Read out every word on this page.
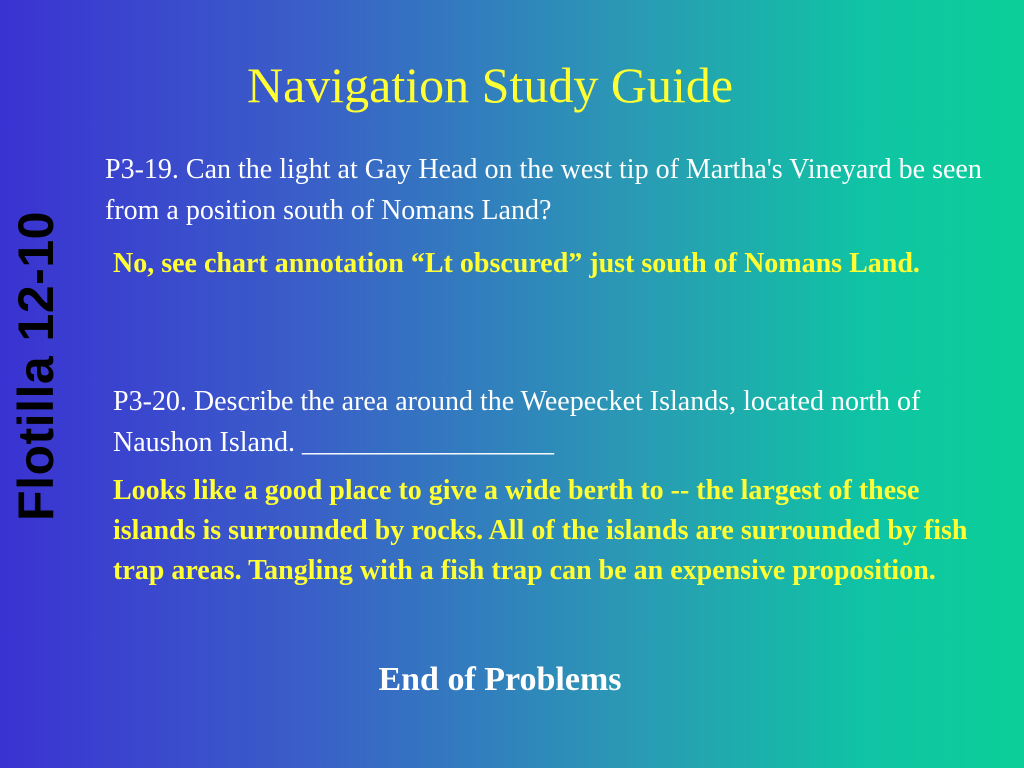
Flotilla 12-10
Navigation Study Guide
P3-19. Can the light at Gay Head on the west tip of Martha's Vineyard be seen from a position south of Nomans Land?
No, see chart annotation “Lt obscured” just south of Nomans Land.
P3-20. Describe the area around the Weepecket Islands, located north of Naushon Island. __________________
Looks like a good place to give a wide berth to -- the largest of these islands is surrounded by rocks. All of the islands are surrounded by fish trap areas. Tangling with a fish trap can be an expensive proposition.
End of Problems
